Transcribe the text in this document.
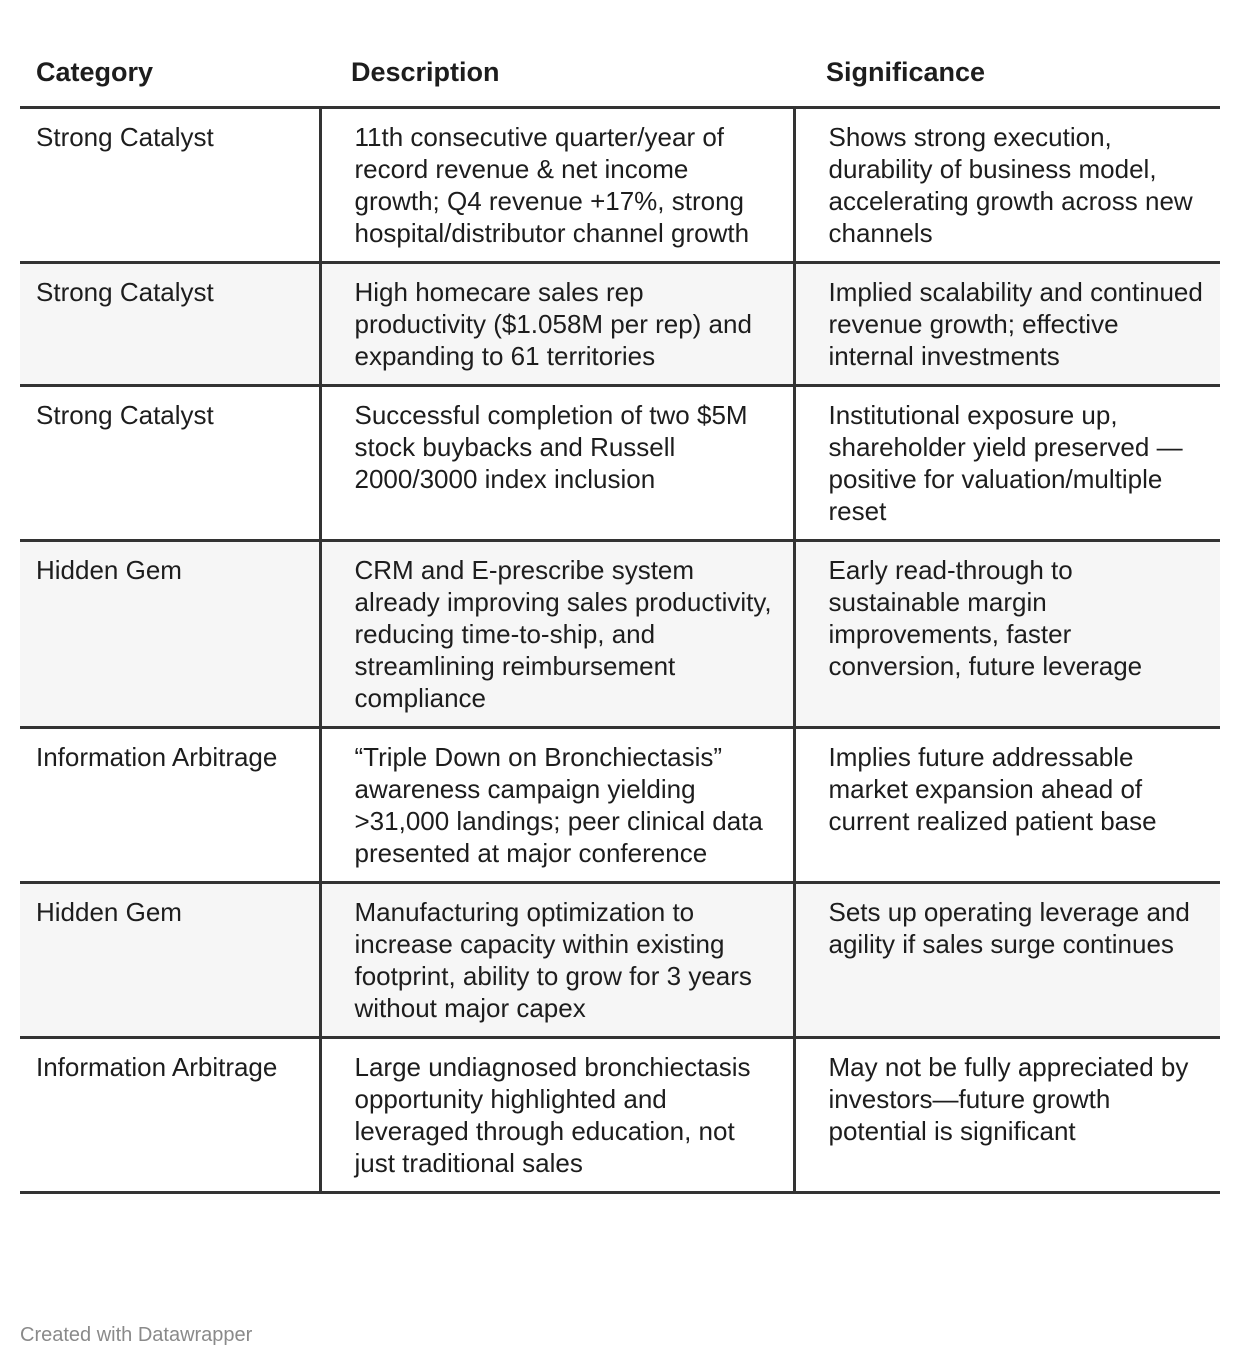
Category	Description	Significance
Strong Catalyst	11th consecutive quarter/year of record revenue & net income growth; Q4 revenue +17%, strong hospital/distributor channel growth	Shows strong execution, durability of business model, accelerating growth across new channels
Strong Catalyst	High homecare sales rep productivity ($1.058M per rep) and expanding to 61 territories	Implied scalability and continued revenue growth; effective internal investments
Strong Catalyst	Successful completion of two $5M stock buybacks and Russell 2000/3000 index inclusion	Institutional exposure up, shareholder yield preserved — positive for valuation/multiple reset
Hidden Gem	CRM and E-prescribe system already improving sales productivity, reducing time-to-ship, and streamlining reimbursement compliance	Early read-through to sustainable margin improvements, faster conversion, future leverage
Information Arbitrage	“Triple Down on Bronchiectasis” awareness campaign yielding >31,000 landings; peer clinical data presented at major conference	Implies future addressable market expansion ahead of current realized patient base
Hidden Gem	Manufacturing optimization to increase capacity within existing footprint, ability to grow for 3 years without major capex	Sets up operating leverage and agility if sales surge continues
Information Arbitrage	Large undiagnosed bronchiectasis opportunity highlighted and leveraged through education, not just traditional sales	May not be fully appreciated by investors—future growth potential is significant
Created with Datawrapper
